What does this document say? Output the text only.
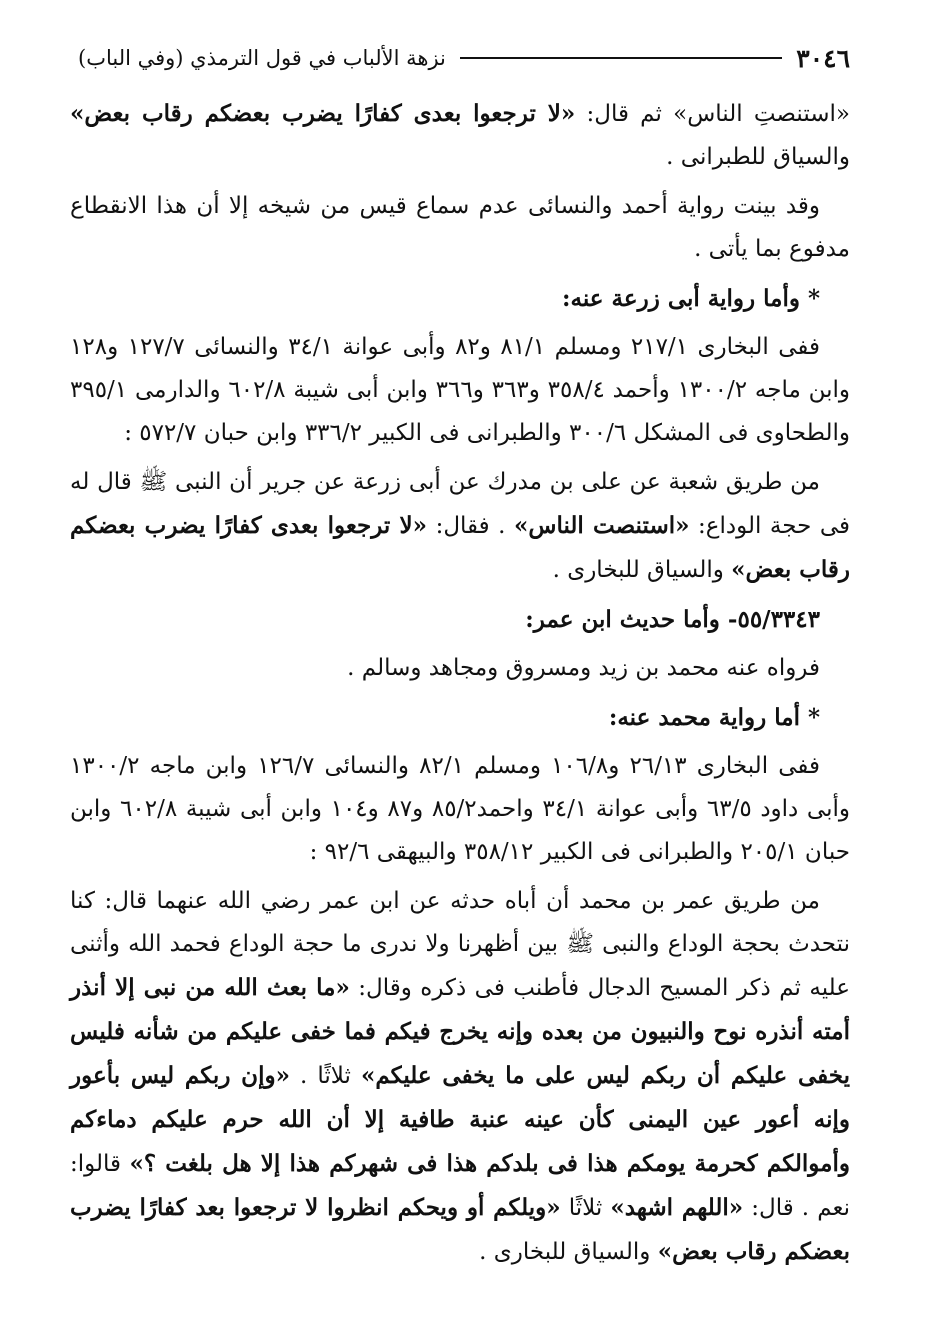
٣٠٤٦
نزهة الألباب في قول الترمذي (وفي الباب)

«استنصتِ الناس» ثم قال: «لا ترجعوا بعدى كفارًا يضرب بعضكم رقاب بعض» والسياق للطبرانى .

وقد بينت رواية أحمد والنسائى عدم سماع قيس من شيخه إلا أن هذا الانقطاع مدفوع بما يأتى .

* وأما رواية أبى زرعة عنه:

ففى البخارى ٢١٧/١ ومسلم ٨١/١ و٨٢ وأبى عوانة ٣٤/١ والنسائى ١٢٧/٧ و١٢٨ وابن ماجه ١٣٠٠/٢ وأحمد ٣٥٨/٤ و٣٦٣ و٣٦٦ وابن أبى شيبة ٦٠٢/٨ والدارمى ٣٩٥/١ والطحاوى فى المشكل ٣٠٠/٦ والطبرانى فى الكبير ٣٣٦/٢ وابن حبان ٥٧٢/٧ :

من طريق شعبة عن على بن مدرك عن أبى زرعة عن جرير أن النبى ﷺ قال له فى حجة الوداع: «استنصت الناس» . فقال: «لا ترجعوا بعدى كفارًا يضرب بعضكم رقاب بعض» والسياق للبخارى .

٥٥/٣٣٤٣- وأما حديث ابن عمر:

فرواه عنه محمد بن زيد ومسروق ومجاهد وسالم .

* أما رواية محمد عنه:

ففى البخارى ٢٦/١٣ و١٠٦/٨ ومسلم ٨٢/١ والنسائى ١٢٦/٧ وابن ماجه ١٣٠٠/٢ وأبى داود ٦٣/٥ وأبى عوانة ٣٤/١ واحمد٨٥/٢ و٨٧ و١٠٤ وابن أبى شيبة ٦٠٢/٨ وابن حبان ٢٠٥/١ والطبرانى فى الكبير ٣٥٨/١٢ والبيهقى ٩٢/٦ :

من طريق عمر بن محمد أن أباه حدثه عن ابن عمر رضي الله عنهما قال: كنا نتحدث بحجة الوداع والنبى ﷺ بين أظهرنا ولا ندرى ما حجة الوداع فحمد الله وأثنى عليه ثم ذكر المسيح الدجال فأطنب فى ذكره وقال: «ما بعث الله من نبى إلا أنذر أمته أنذره نوح والنبيون من بعده وإنه يخرج فيكم فما خفى عليكم من شأنه فليس يخفى عليكم أن ربكم ليس على ما يخفى عليكم» ثلاثًا . «وإن ربكم ليس بأعور وإنه أعور عين اليمنى كأن عينه عنبة طافية إلا أن الله حرم عليكم دماءكم وأموالكم كحرمة يومكم هذا فى بلدكم هذا فى شهركم هذا إلا هل بلغت ؟» قالوا: نعم . قال: «اللهم اشهد» ثلاثًا «ويلكم أو ويحكم انظروا لا ترجعوا بعد كفارًا يضرب بعضكم رقاب بعض» والسياق للبخارى .
